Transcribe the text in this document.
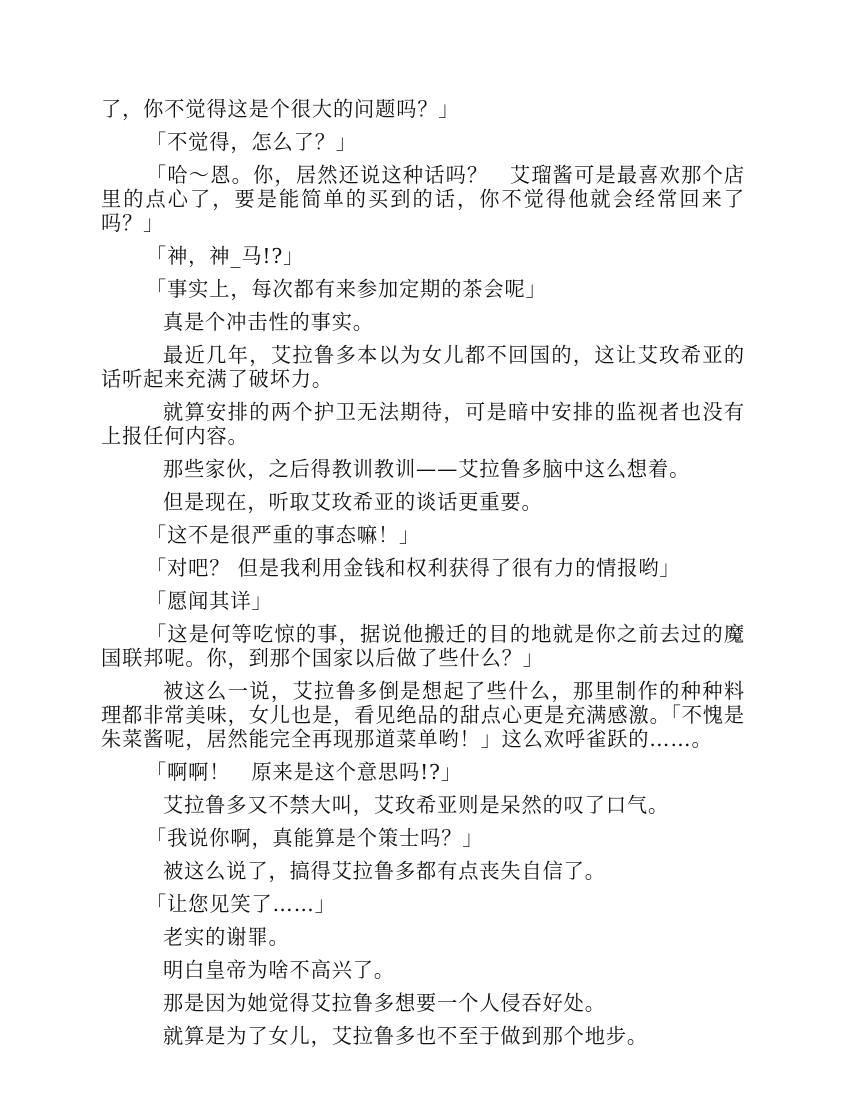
了，你不觉得这是个很大的问题吗？」

「不觉得，怎么了？」

「哈～恩。你，居然还说这种话吗？　艾瑠酱可是最喜欢那个店里的点心了，要是能简单的买到的话，你不觉得他就会经常回来了吗？」

「神，神_马!?」

「事实上，每次都有来参加定期的茶会呢」

真是个冲击性的事实。

最近几年，艾拉鲁多本以为女儿都不回国的，这让艾玫希亚的话听起来充满了破坏力。

就算安排的两个护卫无法期待，可是暗中安排的监视者也没有上报任何内容。

那些家伙，之后得教训教训——艾拉鲁多脑中这么想着。

但是现在，听取艾玫希亚的谈话更重要。

「这不是很严重的事态嘛！」

「对吧？ 但是我利用金钱和权利获得了很有力的情报哟」

「愿闻其详」

「这是何等吃惊的事，据说他搬迁的目的地就是你之前去过的魔国联邦呢。你，到那个国家以后做了些什么？」

被这么一说，艾拉鲁多倒是想起了些什么，那里制作的种种料理都非常美味，女儿也是，看见绝品的甜点心更是充满感激。「不愧是朱菜酱呢，居然能完全再现那道菜单哟！」这么欢呼雀跃的……。

「啊啊！　原来是这个意思吗!?」

艾拉鲁多又不禁大叫，艾玫希亚则是呆然的叹了口气。

「我说你啊，真能算是个策士吗？」

被这么说了，搞得艾拉鲁多都有点丧失自信了。

「让您见笑了……」

老实的谢罪。

明白皇帝为啥不高兴了。

那是因为她觉得艾拉鲁多想要一个人侵吞好处。

就算是为了女儿，艾拉鲁多也不至于做到那个地步。
